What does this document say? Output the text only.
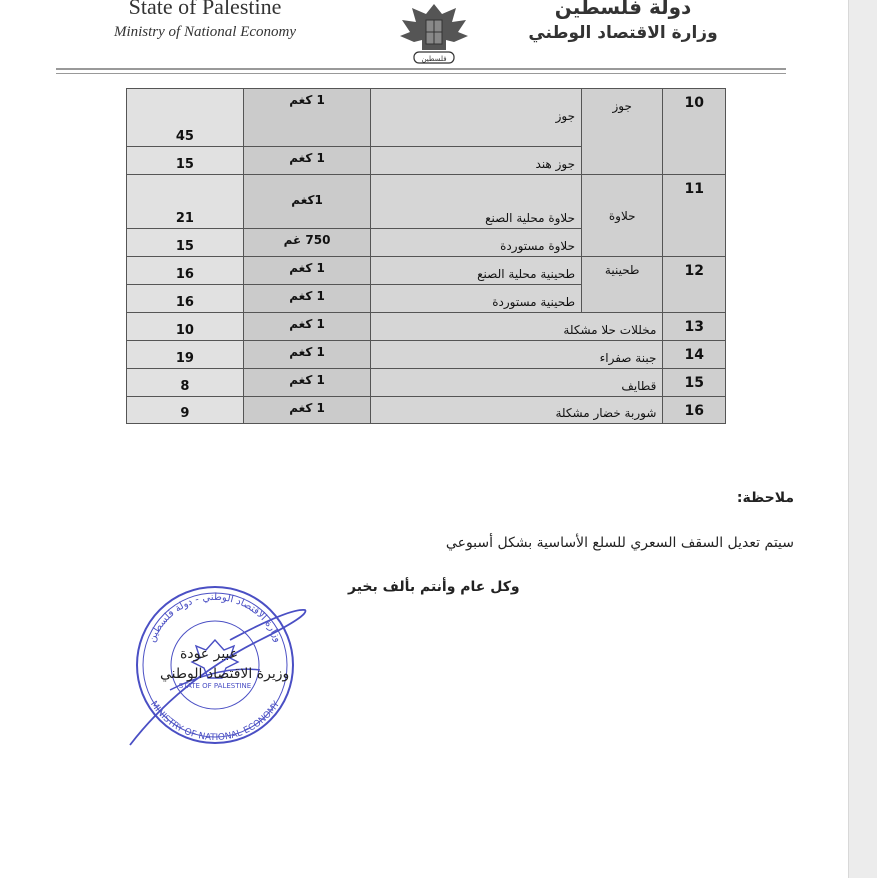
State of Palestine
Ministry of National Economy
فلسطين
دولة فلسطين
وزارة الاقتصاد الوطني
10	جوز	جوز	1 كغم	45
		جوز هند	1 كغم	15
11	حلاوة	حلاوة محلية الصنع	1كغم	21
		حلاوة مستوردة	750 غم	15
12	طحينية	طحينية محلية الصنع	1 كغم	16
		طحينية مستوردة	1 كغم	16
13	مخللات حلا مشكلة		1 كغم	10
14	جبنة صفراء		1 كغم	19
15	قطايف		1 كغم	8
16	شوربة خضار مشكلة		1 كغم	9
ملاحظة:
سيتم تعديل السقف السعري للسلع الأساسية بشكل أسبوعي
وكل عام وأنتم بألف بخير
وزارة الاقتصاد الوطني - دولة فلسطين
MINISTRY OF NATIONAL ECONOMY
STATE OF PALESTINE
عبير عودة
وزيرة الاقتصاد الوطني
